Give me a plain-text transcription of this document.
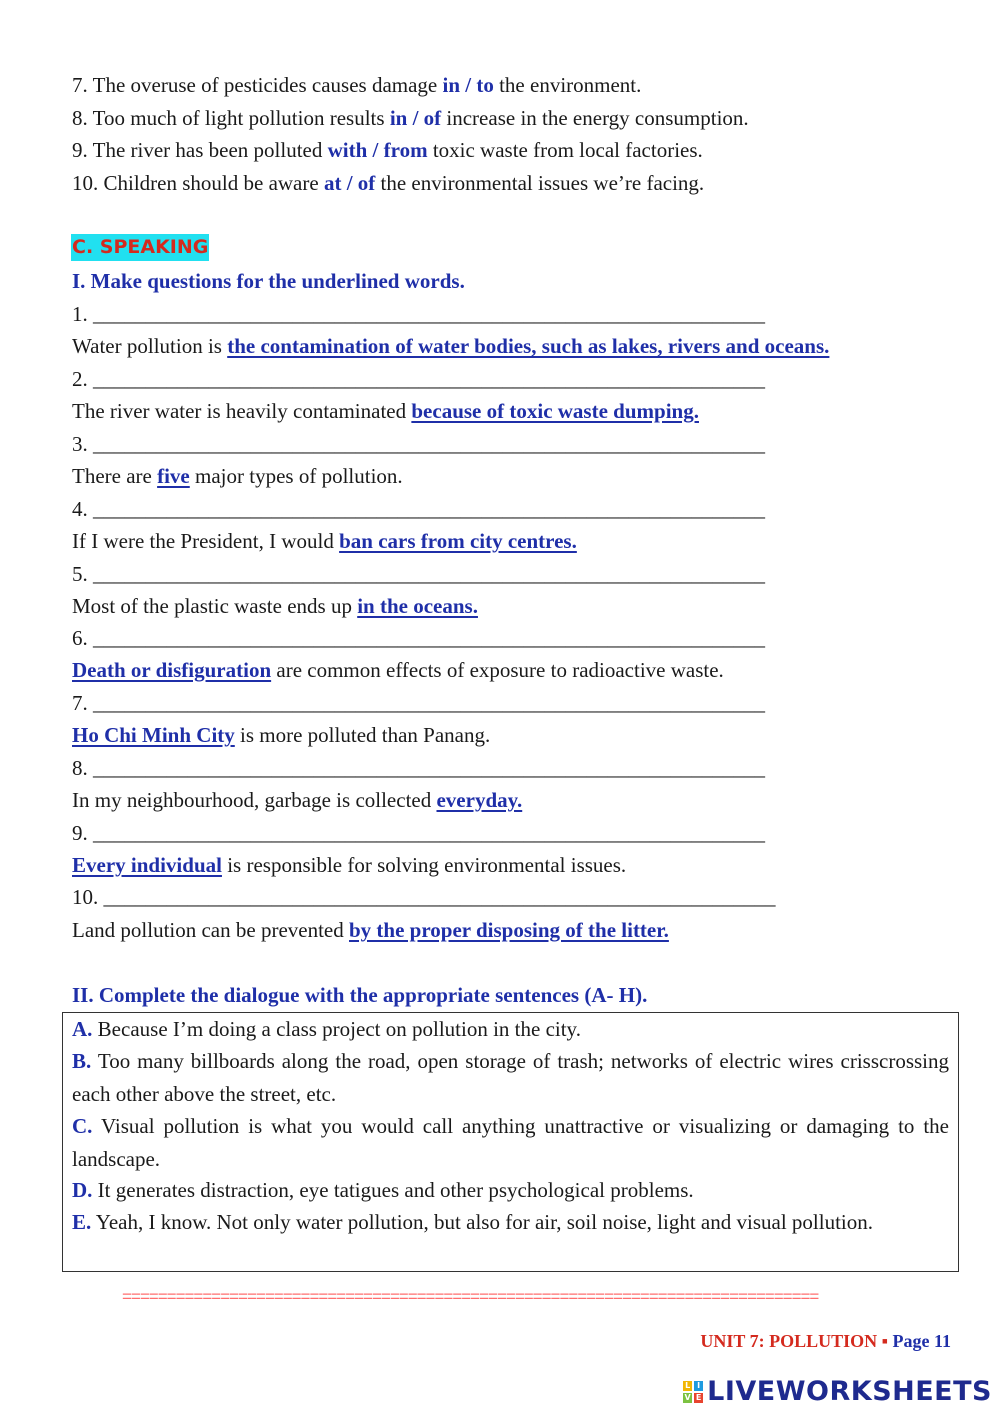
7. The overuse of pesticides causes damage in / to the environment.
8. Too much of light pollution results in / of increase in the energy consumption.
9. The river has been polluted with / from toxic waste from local factories.
10. Children should be aware at / of the environmental issues we’re facing.
C. SPEAKING
I. Make questions for the underlined words.
1. ________________________________________________________________
Water pollution is the contamination of water bodies, such as lakes, rivers and oceans.
2. ________________________________________________________________
The river water is heavily contaminated because of toxic waste dumping.
3. ________________________________________________________________
There are five major types of pollution.
4. ________________________________________________________________
If I were the President, I would ban cars from city centres.
5. ________________________________________________________________
Most of the plastic waste ends up in the oceans.
6. ________________________________________________________________
Death or disfiguration are common effects of exposure to radioactive waste.
7. ________________________________________________________________
Ho Chi Minh City is more polluted than Panang.
8. ________________________________________________________________
In my neighbourhood, garbage is collected everyday.
9. ________________________________________________________________
Every individual is responsible for solving environmental issues.
10. ________________________________________________________________
Land pollution can be prevented by the proper disposing of the litter.
II. Complete the dialogue with the appropriate sentences (A- H).
A. Because I’m doing a class project on pollution in the city.
B. Too many billboards along the road, open storage of trash; networks of electric wires crisscrossing each other above the street, etc.
C. Visual pollution is what you would call anything unattractive or visualizing or damaging to the landscape.
D. It generates distraction, eye tatigues and other psychological problems.
E. Yeah, I know. Not only water pollution, but also for air, soil noise, light and visual pollution.
==============================================================================
UNIT 7: POLLUTION ▪ Page 11
L I
V E LIVEWORKSHEETS
